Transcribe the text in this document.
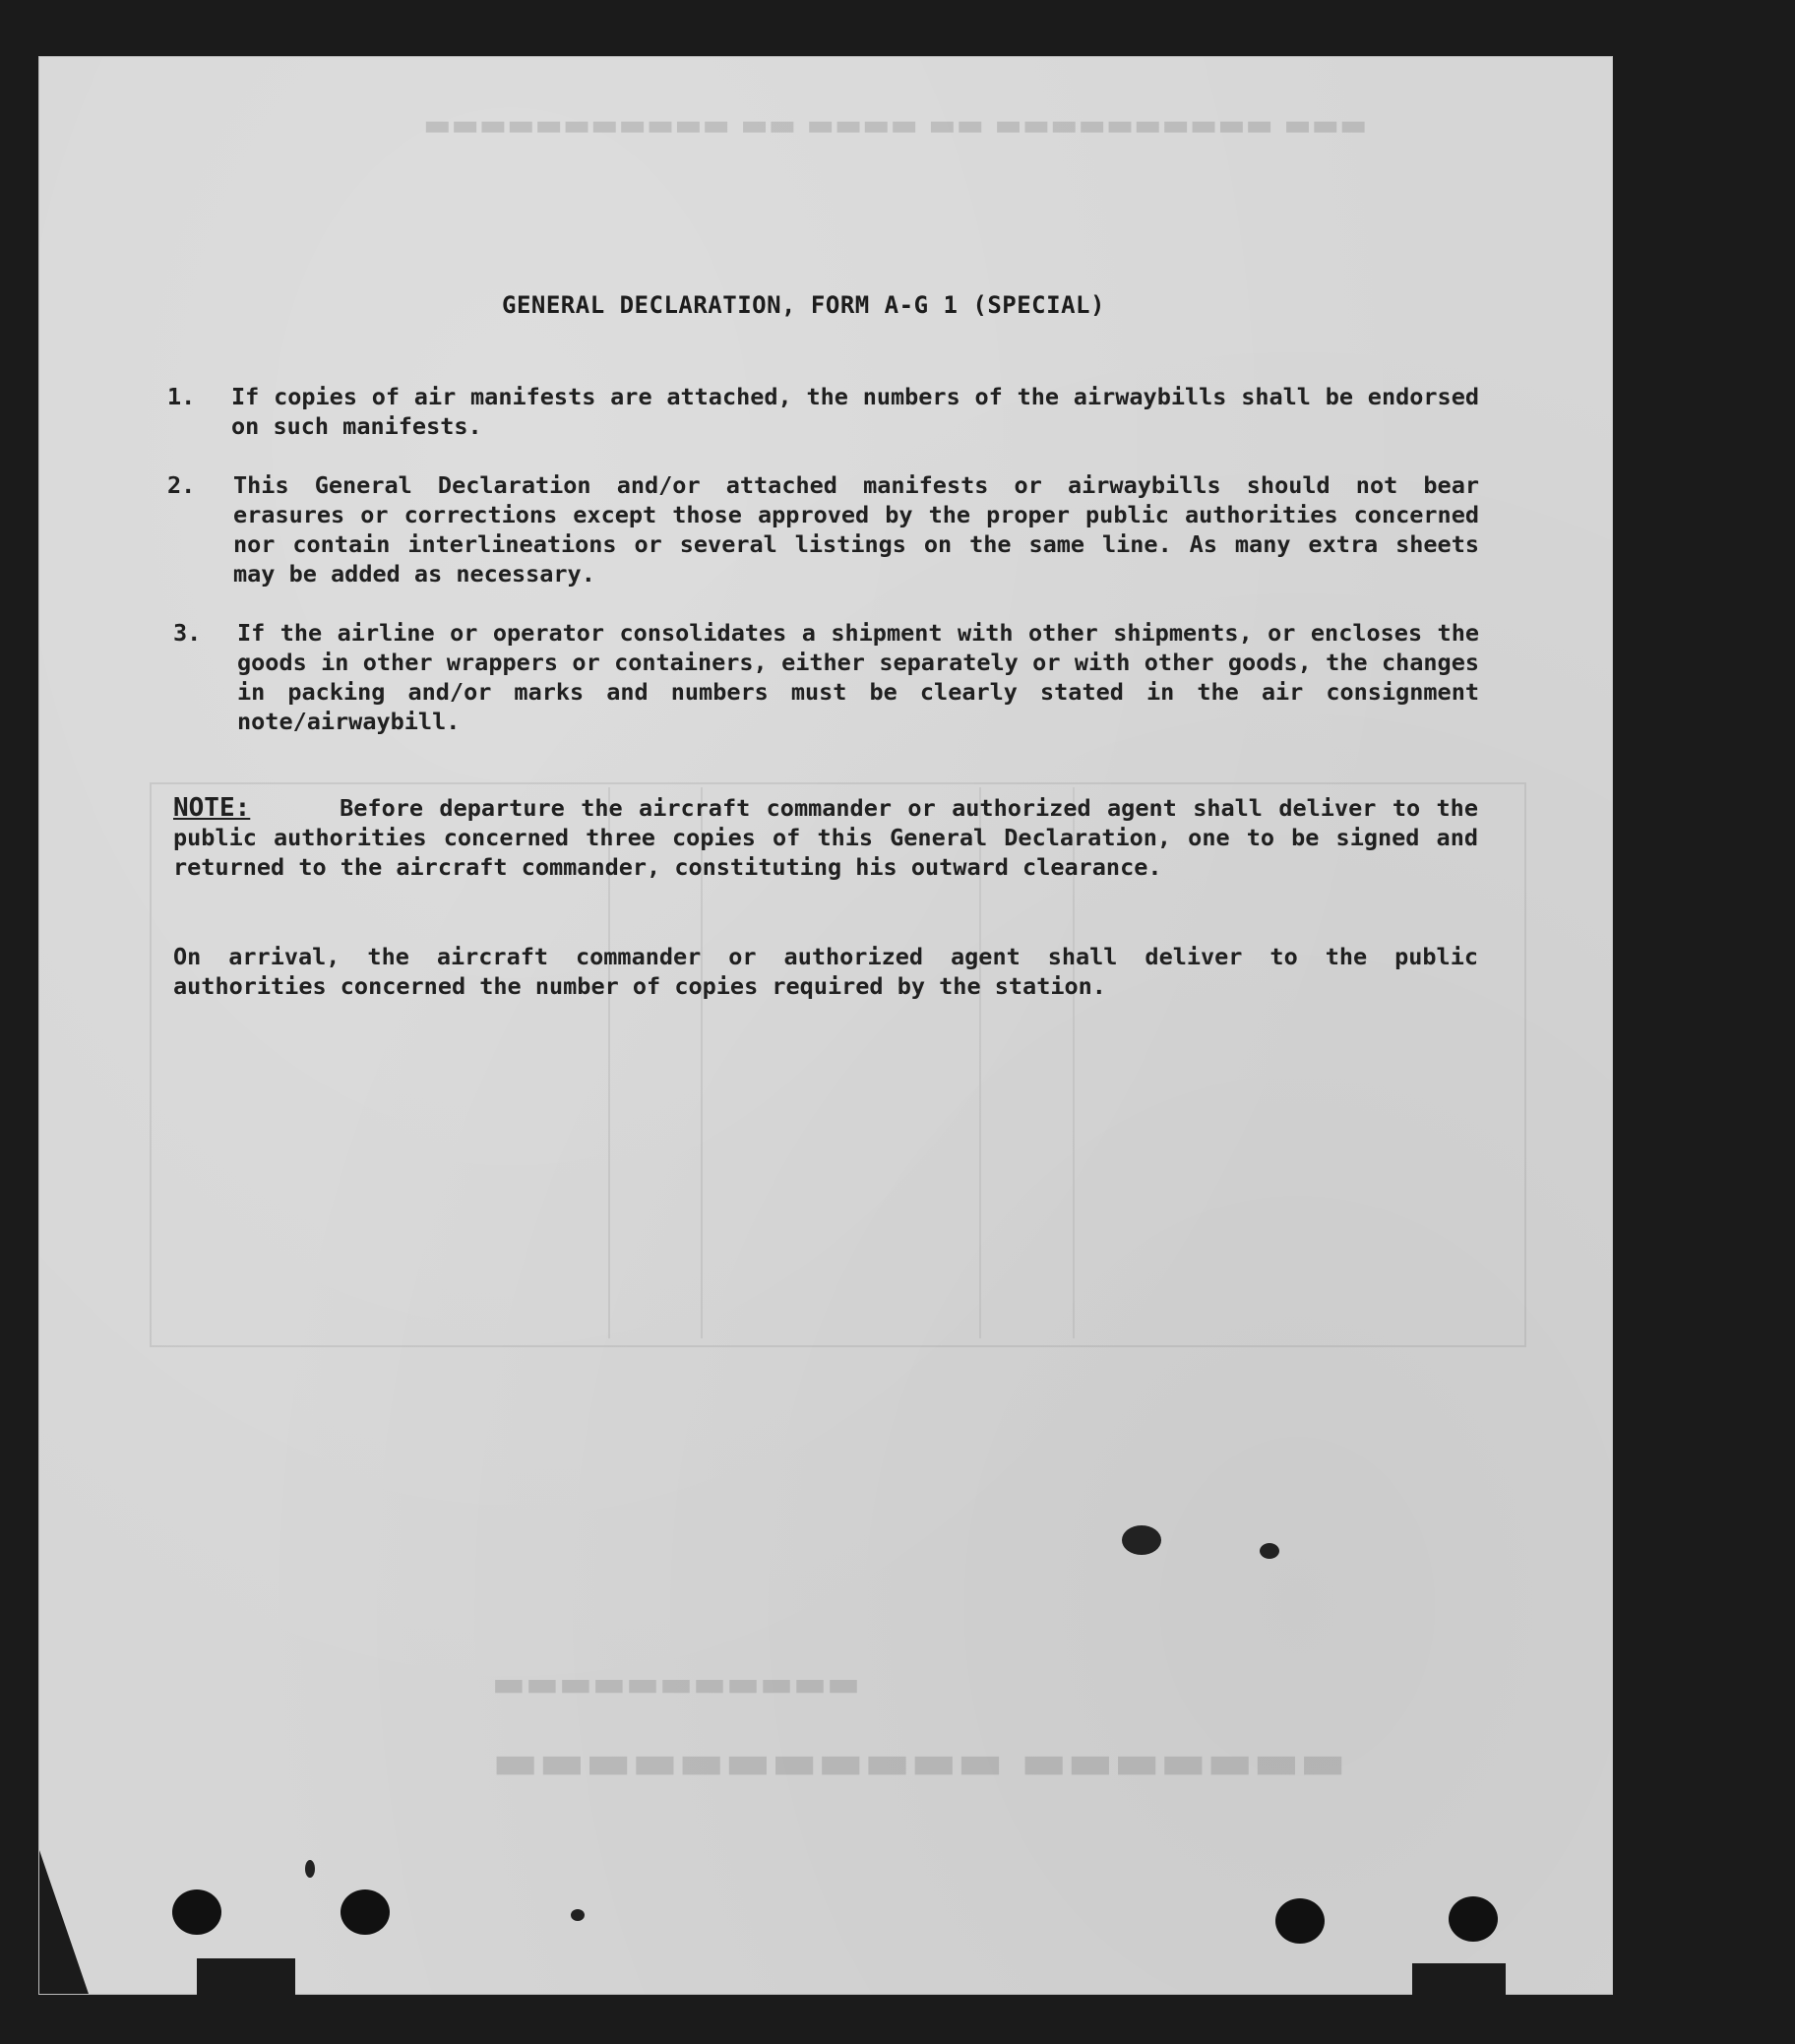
GENERAL DECLARATION, FORM A-G 1 (SPECIAL)
1.	If copies of air manifests are attached, the numbers of the airwaybills shall be endorsed on such manifests.
2.	This General Declaration and/or attached manifests or airwaybills should not bear erasures or corrections except those approved by the proper public authorities concerned nor contain interlineations or several listings on the same line. As many extra sheets may be added as necessary.
3.	If the airline or operator consolidates a shipment with other shipments, or encloses the goods in other wrappers or containers, either separately or with other goods, the changes in packing and/or marks and numbers must be clearly stated in the air consignment note/airwaybill.
NOTE:	Before departure the aircraft commander or authorized agent shall deliver to the public authorities concerned three copies of this General Declaration, one to be signed and returned to the aircraft commander, constituting his outward clearance.
On arrival, the aircraft commander or authorized agent shall deliver to the public authorities concerned the number of copies required by the station.
▬▬▬ ▬▬▬▬▬▬▬▬▬▬ ▬▬ ▬▬▬▬ ▬▬ ▬▬▬▬▬▬▬▬▬▬▬
▬▬▬▬▬▬▬ ▬▬▬▬▬▬▬▬▬▬▬
▬▬▬▬▬▬▬▬▬▬▬
